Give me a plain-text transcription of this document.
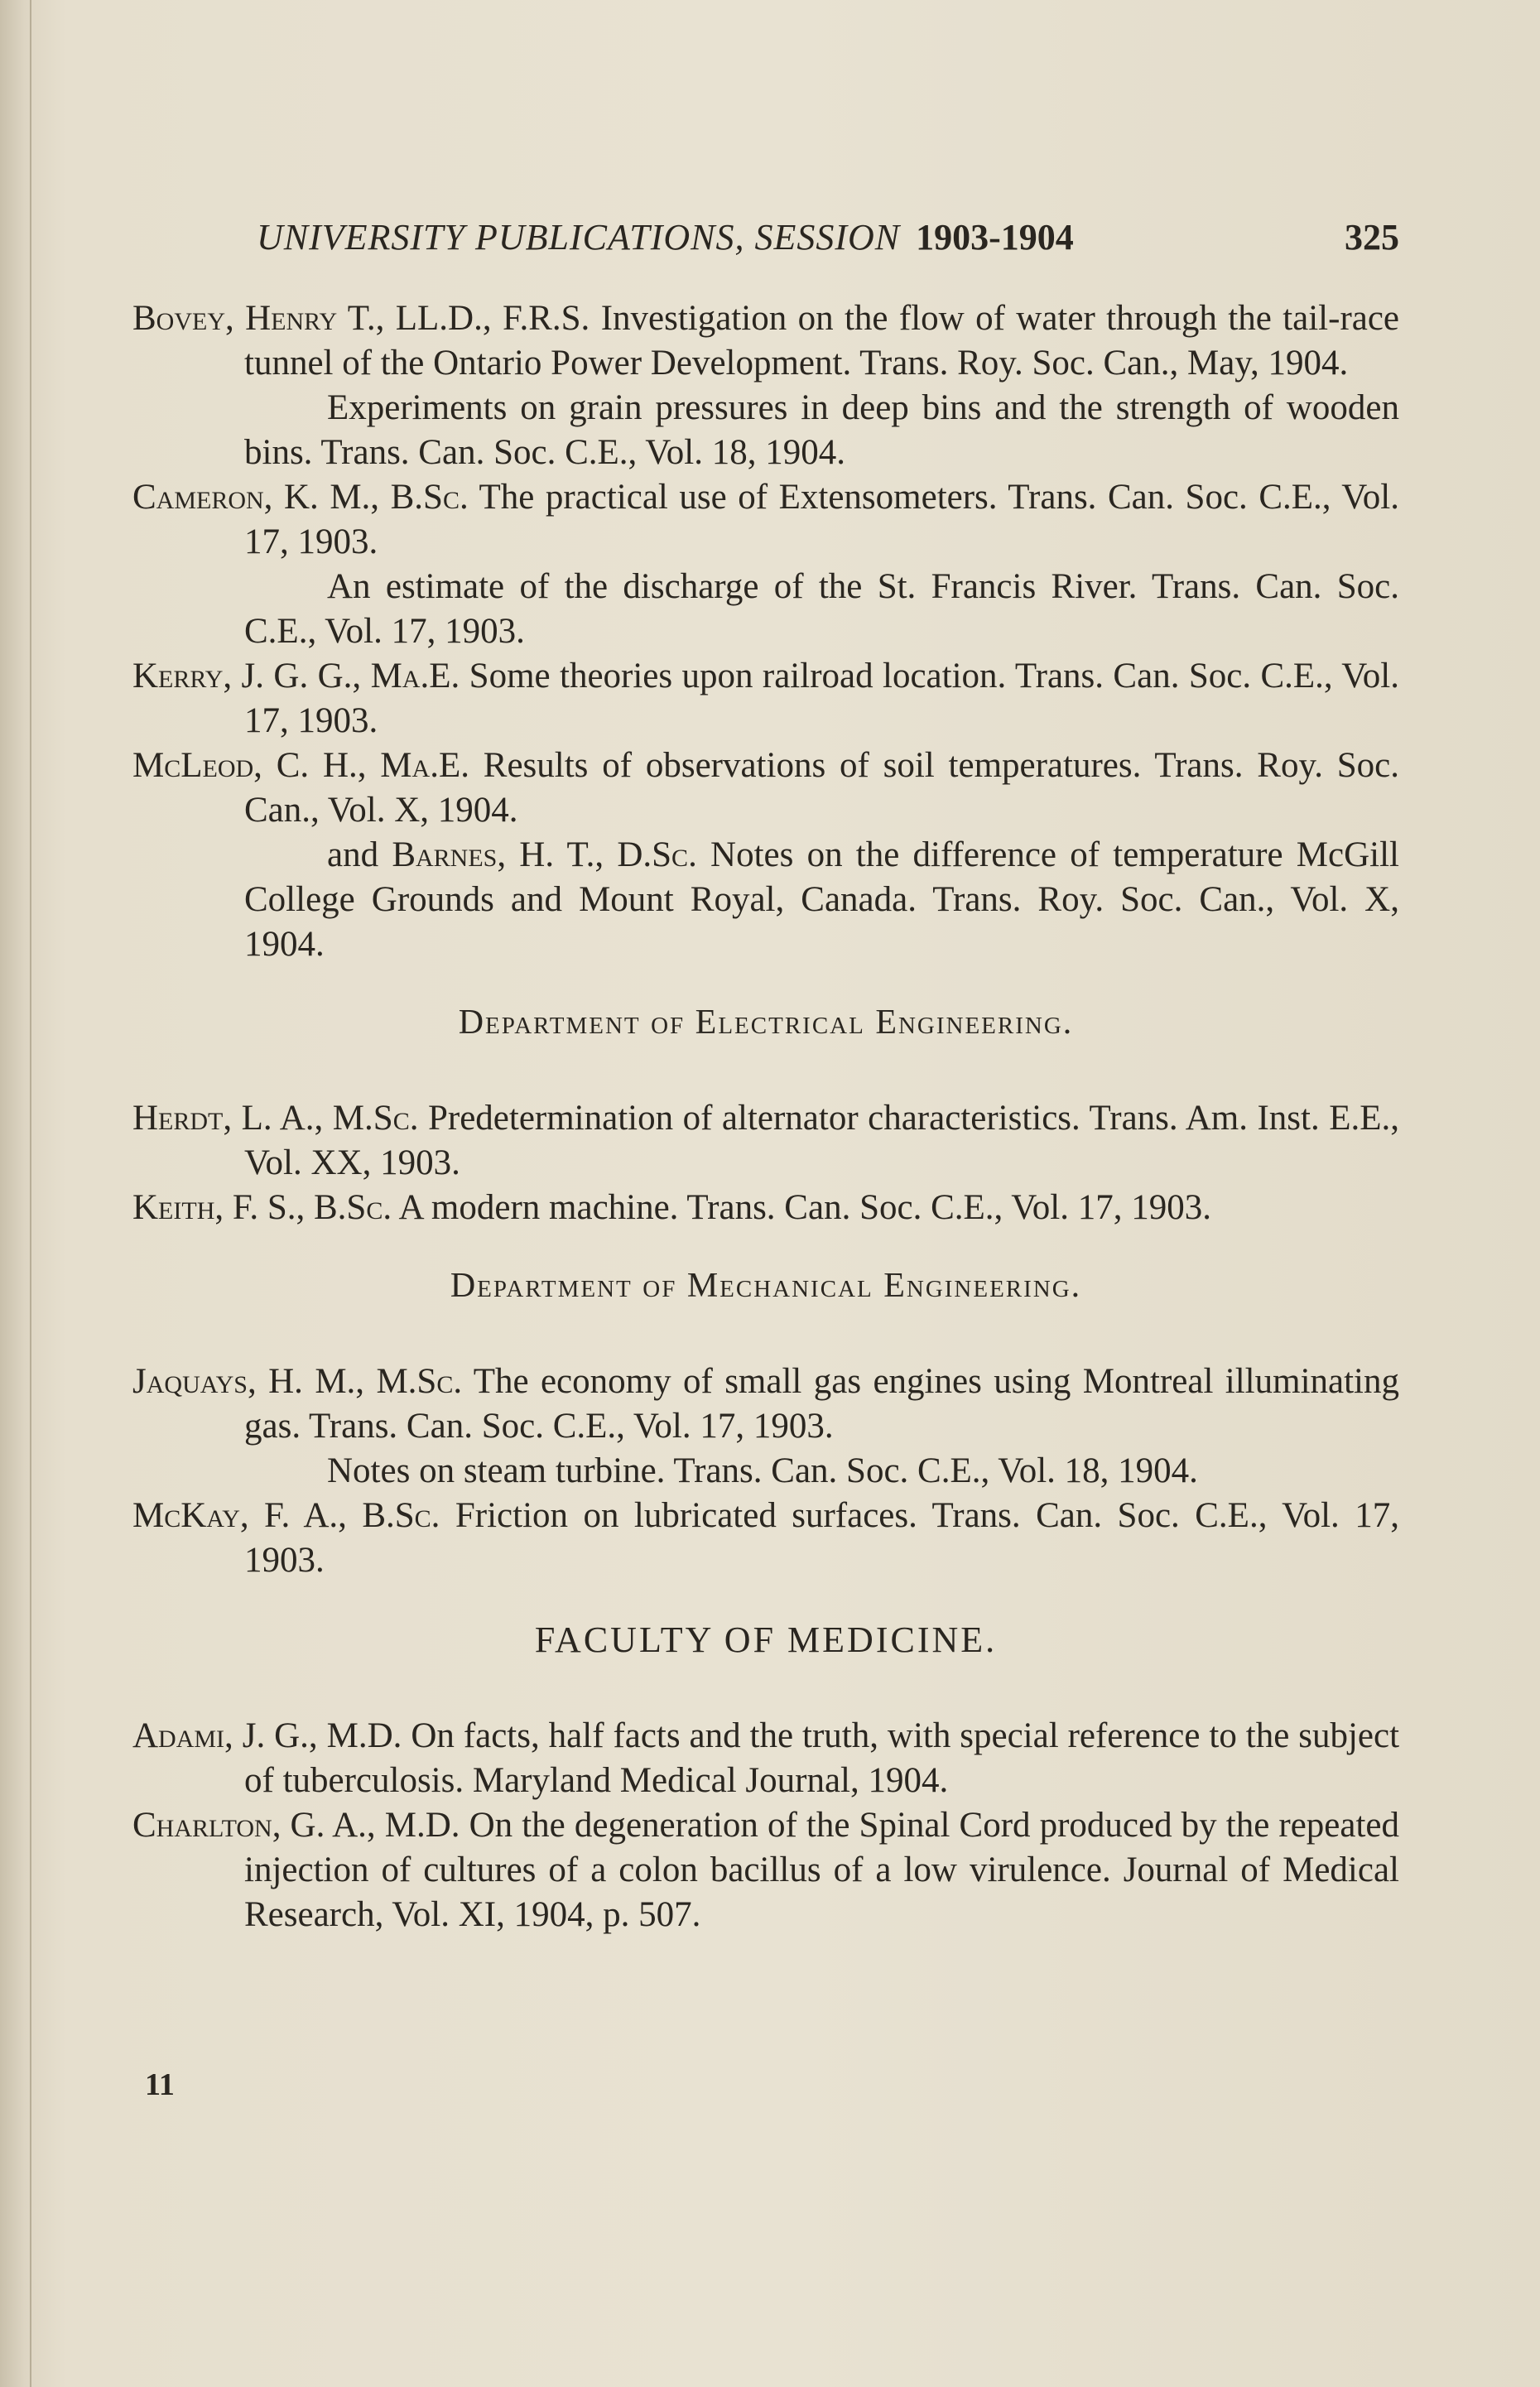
UNIVERSITY PUBLICATIONS, SESSION 1903-1904	325
Bovey, Henry T., LL.D., F.R.S. Investigation on the flow of water through the tail-race tunnel of the Ontario Power Development. Trans. Roy. Soc. Can., May, 1904.
Experiments on grain pressures in deep bins and the strength of wooden bins. Trans. Can. Soc. C.E., Vol. 18, 1904.
Cameron, K. M., B.Sc. The practical use of Extensometers. Trans. Can. Soc. C.E., Vol. 17, 1903.
An estimate of the discharge of the St. Francis River. Trans. Can. Soc. C.E., Vol. 17, 1903.
Kerry, J. G. G., Ma.E. Some theories upon railroad location. Trans. Can. Soc. C.E., Vol. 17, 1903.
McLeod, C. H., Ma.E. Results of observations of soil temperatures. Trans. Roy. Soc. Can., Vol. X, 1904.
and Barnes, H. T., D.Sc. Notes on the difference of temperature McGill College Grounds and Mount Royal, Canada. Trans. Roy. Soc. Can., Vol. X, 1904.
Department of Electrical Engineering.
Herdt, L. A., M.Sc. Predetermination of alternator characteristics. Trans. Am. Inst. E.E., Vol. XX, 1903.
Keith, F. S., B.Sc. A modern machine. Trans. Can. Soc. C.E., Vol. 17, 1903.
Department of Mechanical Engineering.
Jaquays, H. M., M.Sc. The economy of small gas engines using Montreal illuminating gas. Trans. Can. Soc. C.E., Vol. 17, 1903.
Notes on steam turbine. Trans. Can. Soc. C.E., Vol. 18, 1904.
McKay, F. A., B.Sc. Friction on lubricated surfaces. Trans. Can. Soc. C.E., Vol. 17, 1903.
FACULTY OF MEDICINE.
Adami, J. G., M.D. On facts, half facts and the truth, with special reference to the subject of tuberculosis. Maryland Medical Journal, 1904.
Charlton, G. A., M.D. On the degeneration of the Spinal Cord produced by the repeated injection of cultures of a colon bacillus of a low virulence. Journal of Medical Research, Vol. XI, 1904, p. 507.
11
